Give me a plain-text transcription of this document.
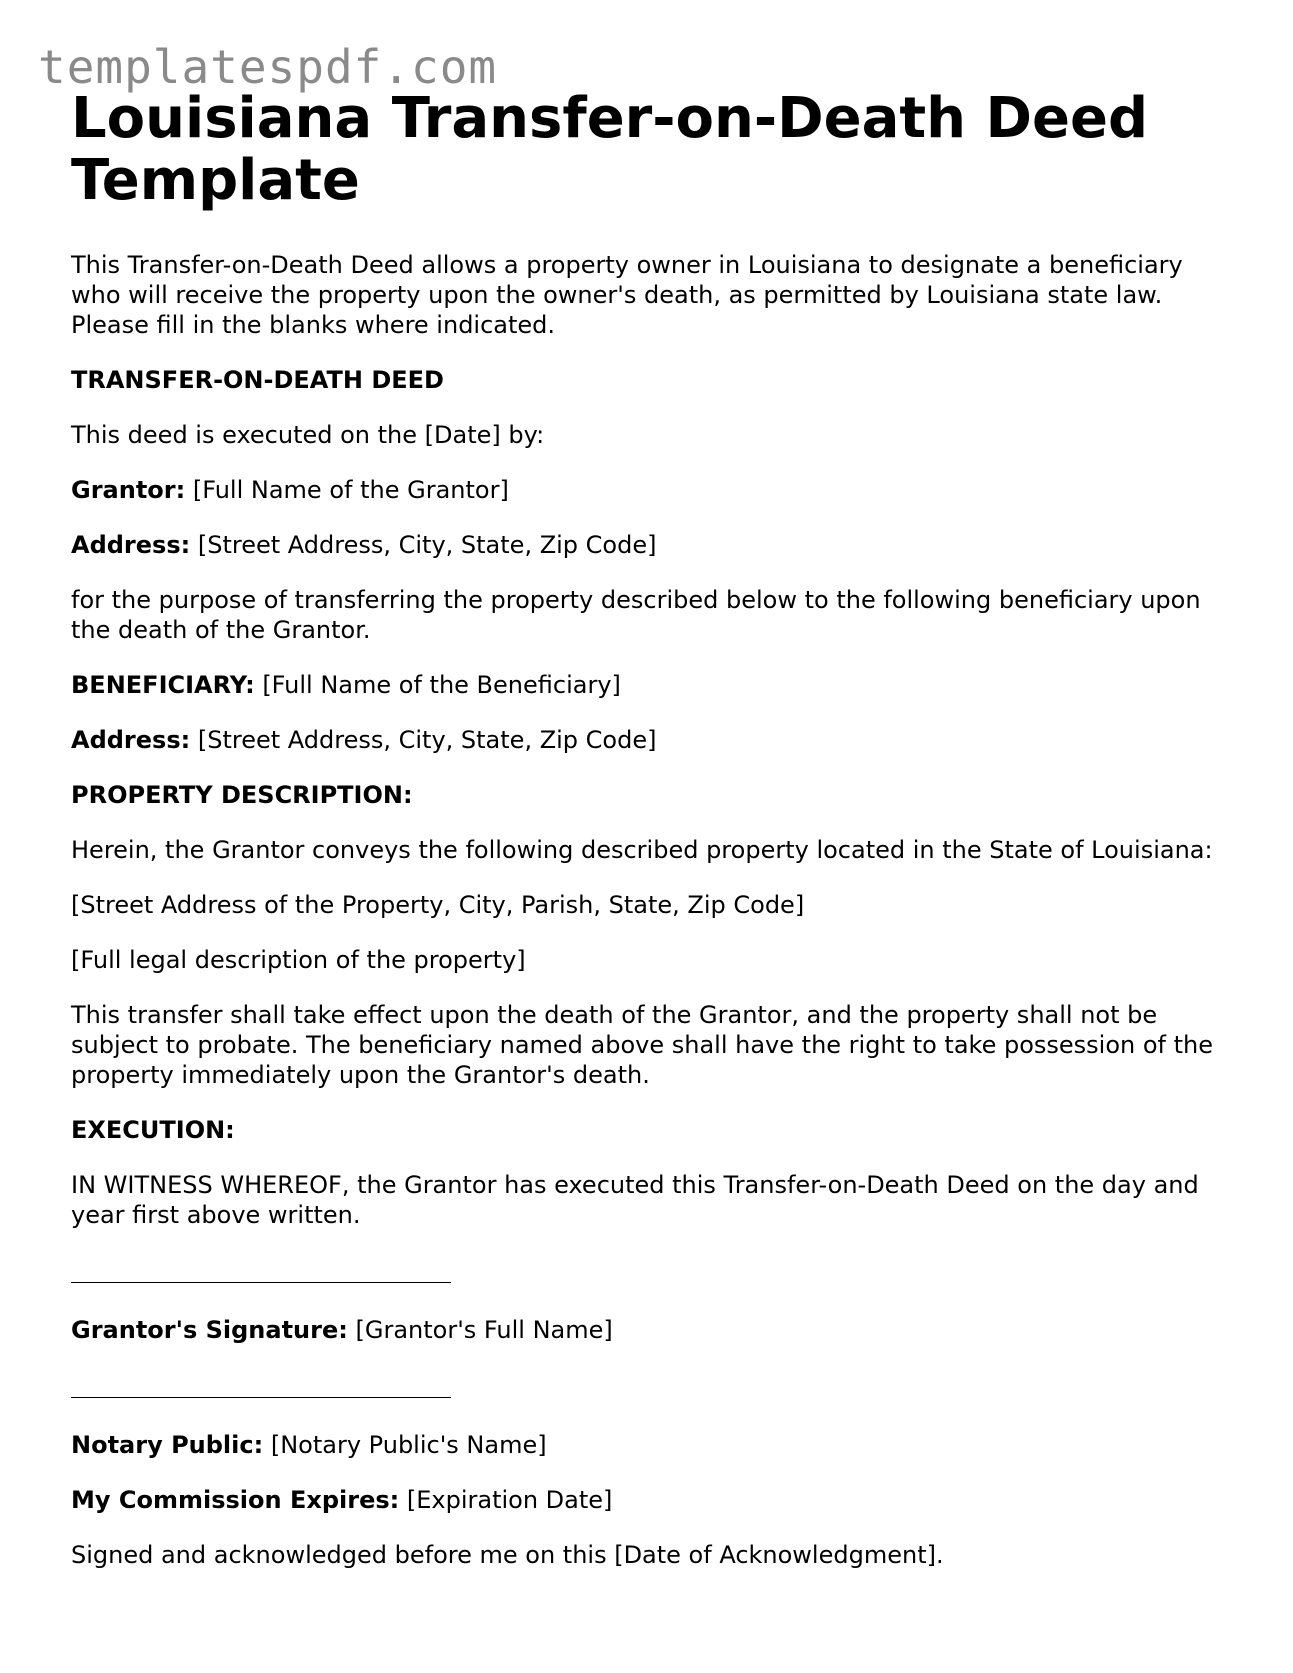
templatespdf.com
Louisiana Transfer-on-Death Deed Template

This Transfer-on-Death Deed allows a property owner in Louisiana to designate a beneficiary who will receive the property upon the owner's death, as permitted by Louisiana state law. Please fill in the blanks where indicated.

TRANSFER-ON-DEATH DEED

This deed is executed on the [Date] by:

Grantor: [Full Name of the Grantor]

Address: [Street Address, City, State, Zip Code]

for the purpose of transferring the property described below to the following beneficiary upon the death of the Grantor.

BENEFICIARY: [Full Name of the Beneficiary]

Address: [Street Address, City, State, Zip Code]

PROPERTY DESCRIPTION:

Herein, the Grantor conveys the following described property located in the State of Louisiana:

[Street Address of the Property, City, Parish, State, Zip Code]

[Full legal description of the property]

This transfer shall take effect upon the death of the Grantor, and the property shall not be subject to probate. The beneficiary named above shall have the right to take possession of the property immediately upon the Grantor's death.

EXECUTION:

IN WITNESS WHEREOF, the Grantor has executed this Transfer-on-Death Deed on the day and year first above written.

Grantor's Signature: [Grantor's Full Name]

Notary Public: [Notary Public's Name]

My Commission Expires: [Expiration Date]

Signed and acknowledged before me on this [Date of Acknowledgment].
